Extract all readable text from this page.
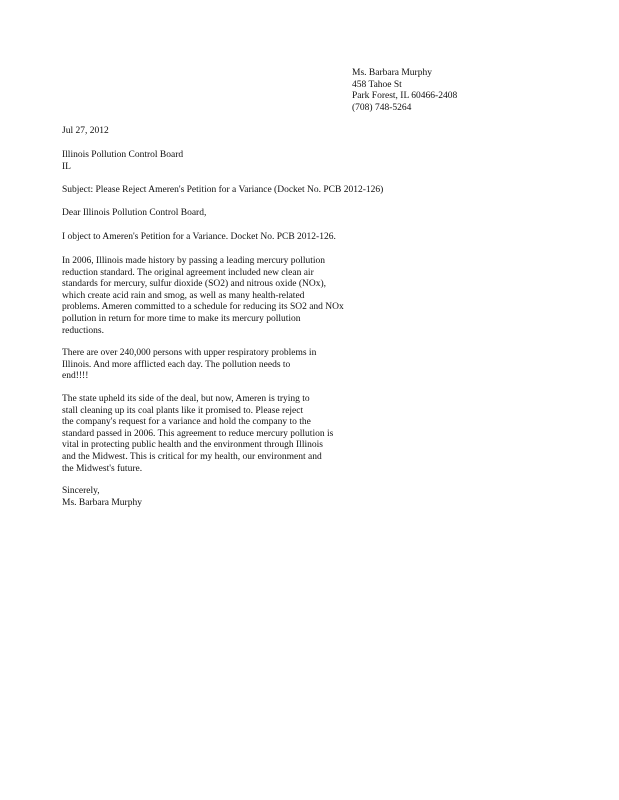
Ms. Barbara Murphy
458 Tahoe St
Park Forest, IL 60466-2408
(708) 748-5264
Jul 27, 2012
Illinois Pollution Control Board
IL
Subject: Please Reject Ameren's Petition for a Variance (Docket No. PCB 2012-126)
Dear Illinois Pollution Control Board,
I object to Ameren's Petition for a Variance. Docket No. PCB 2012-126.
In 2006, Illinois made history by passing a leading mercury pollution
reduction standard. The original agreement included new clean air
standards for mercury, sulfur dioxide (SO2) and nitrous oxide (NOx),
which create acid rain and smog, as well as many health-related
problems. Ameren committed to a schedule for reducing its SO2 and NOx
pollution in return for more time to make its mercury pollution
reductions.
There are over 240,000 persons with upper respiratory problems in
Illinois. And more afflicted each day. The pollution needs to
end!!!!
The state upheld its side of the deal, but now, Ameren is trying to
stall cleaning up its coal plants like it promised to. Please reject
the company's request for a variance and hold the company to the
standard passed in 2006. This agreement to reduce mercury pollution is
vital in protecting public health and the environment through Illinois
and the Midwest. This is critical for my health, our environment and
the Midwest's future.
Sincerely,
Ms. Barbara Murphy
